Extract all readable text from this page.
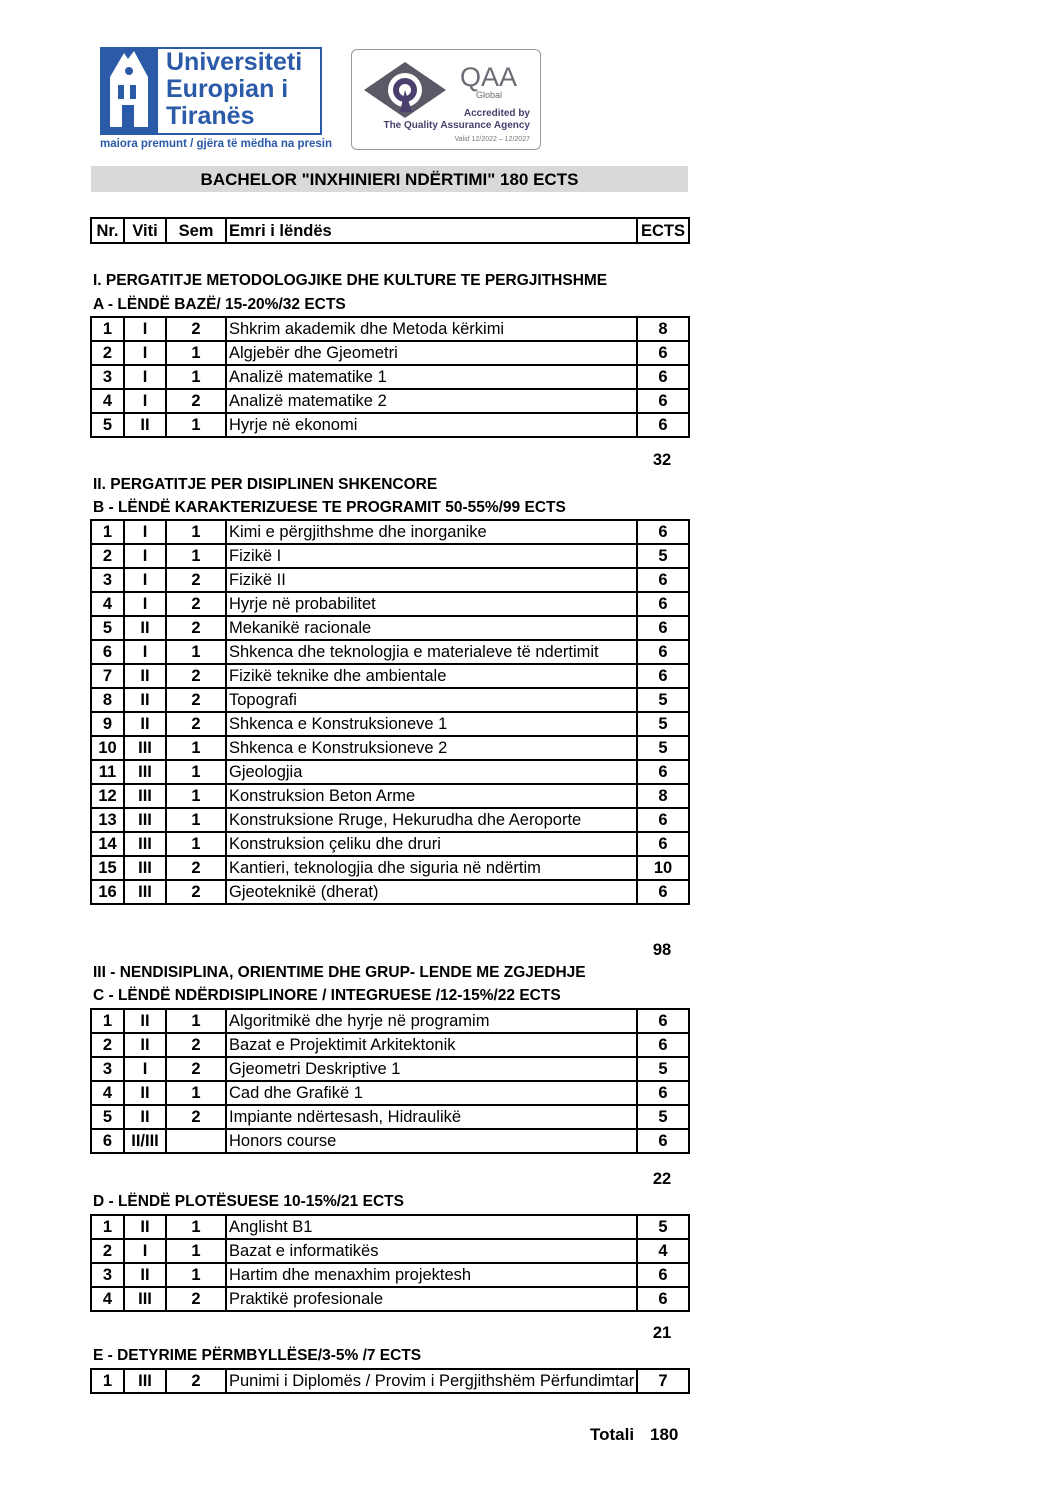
Universiteti
Europian i
Tiranës
maiora premunt / gjëra të mëdha na presin
QAA
Global
Accredited by
The Quality Assurance Agency
Valid 12/2022 – 12/2027
BACHELOR "INXHINIERI NDËRTIMI" 180 ECTS
Nr.	Viti	Sem	Emri i lëndës	ECTS
I. PERGATITJE METODOLOGJIKE DHE KULTURE TE PERGJITHSHME
A - LËNDË BAZË/ 15-20%/32 ECTS
1	I	2	Shkrim akademik dhe Metoda kërkimi	8
2	I	1	Algjebër dhe Gjeometri	6
3	I	1	Analizë matematike 1	6
4	I	2	Analizë matematike 2	6
5	II	1	Hyrje në ekonomi	6
32
II. PERGATITJE PER DISIPLINEN SHKENCORE
B - LËNDË KARAKTERIZUESE TE PROGRAMIT 50-55%/99 ECTS
1	I	1	Kimi e përgjithshme dhe inorganike	6
2	I	1	Fizikë I	5
3	I	2	Fizikë II	6
4	I	2	Hyrje në probabilitet	6
5	II	2	Mekanikë racionale	6
6	I	1	Shkenca dhe teknologjia e materialeve të ndertimit	6
7	II	2	Fizikë teknike dhe ambientale	6
8	II	2	Topografi	5
9	II	2	Shkenca e Konstruksioneve 1	5
10	III	1	Shkenca e Konstruksioneve 2	5
11	III	1	Gjeologjia	6
12	III	1	Konstruksion Beton Arme	8
13	III	1	Konstruksione Rruge, Hekurudha dhe Aeroporte	6
14	III	1	Konstruksion çeliku dhe druri	6
15	III	2	Kantieri, teknologjia dhe siguria në ndërtim	10
16	III	2	Gjeoteknikë (dherat)	6
98
III - NENDISIPLINA, ORIENTIME DHE GRUP- LENDE ME ZGJEDHJE
C - LËNDË NDËRDISIPLINORE / INTEGRUESE /12-15%/22 ECTS
1	II	1	Algoritmikë dhe hyrje në programim	6
2	II	2	Bazat e Projektimit Arkitektonik	6
3	I	2	Gjeometri Deskriptive 1	5
4	II	1	Cad dhe Grafikë 1	6
5	II	2	Impiante ndërtesash, Hidraulikë	5
6	II/III		Honors course	6
22
D - LËNDË PLOTËSUESE 10-15%/21 ECTS
1	II	1	Anglisht B1	5
2	I	1	Bazat e informatikës	4
3	II	1	Hartim dhe menaxhim projektesh	6
4	III	2	Praktikë profesionale	6
21
E - DETYRIME PËRMBYLLËSE/3-5% /7 ECTS
1	III	2	Punimi i Diplomës / Provim i Pergjithshëm Përfundimtar	7
Totali 180
